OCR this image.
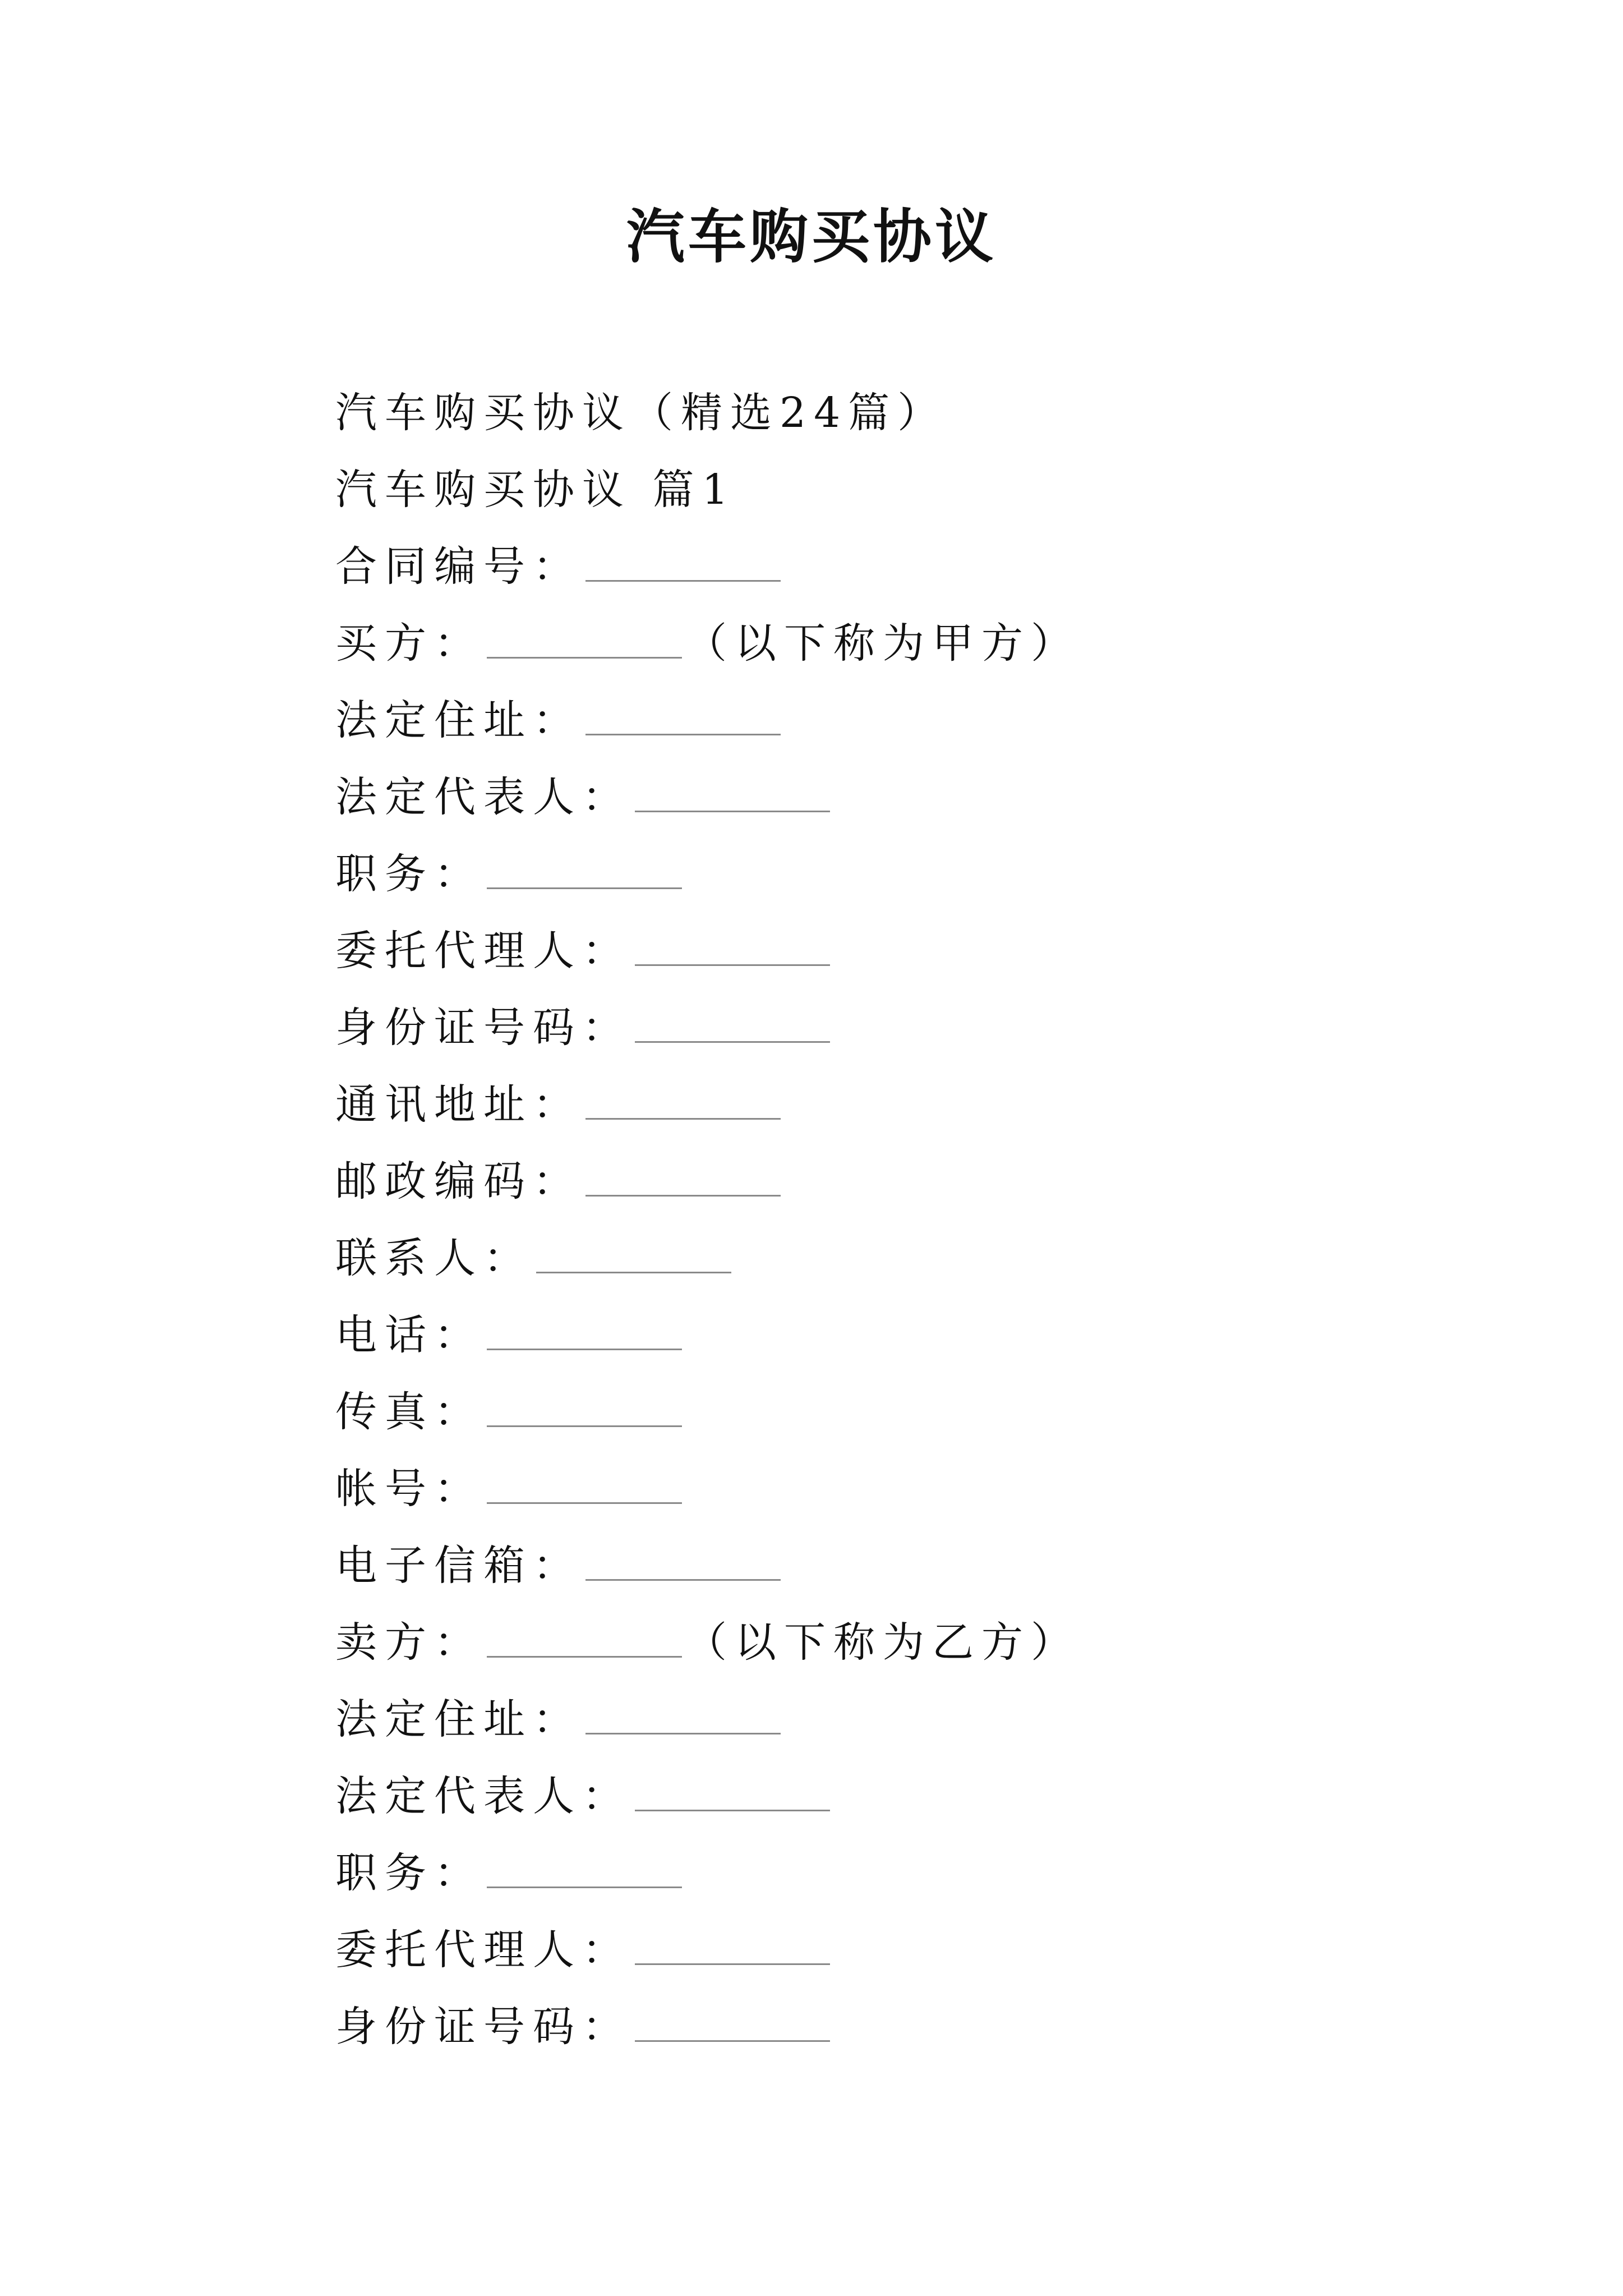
汽车购买协议
汽车购买协议（精选24篇）
汽车购买协议 篇1
合同编号：
买方：	（以下称为甲方）
法定住址：
法定代表人：
职务：
委托代理人：
身份证号码：
通讯地址：
邮政编码：
联系人：
电话：
传真：
帐号：
电子信箱：
卖方：	（以下称为乙方）
法定住址：
法定代表人：
职务：
委托代理人：
身份证号码：
